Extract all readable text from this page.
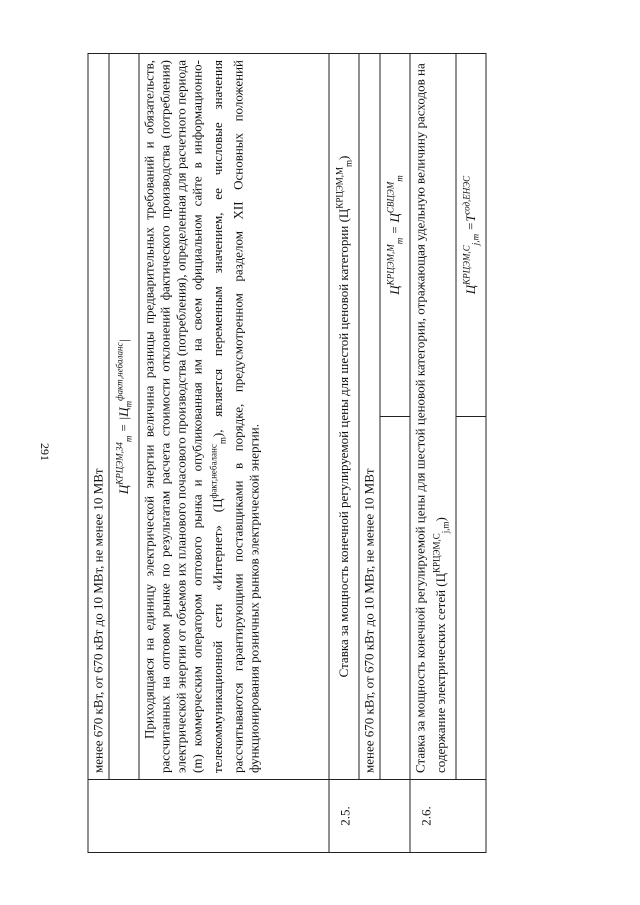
291
	менее 670 кВт, от 670 кВт до 10 МВт, не менее 10 МВт	
	$Ц^{КРЦЭМ,34}_m = |Ц_m^{факт,небаланс}|$	
	Приходящаяся на единицу электрической энергии величина разницы предварительных требований и обязательств, рассчитанных на оптовом рынке по результатам расчета стоимости отклонений фактического производства (потребления) электрической энергии от объемов их планового почасового производства (потребления), определенная для расчетного периода (m) коммерческим оператором оптового рынка и опубликованная им на своем официальном сайте в информационно-телекоммуникационной сети «Интернет» $(Ц^{факт,небаланс}_m)$, является переменным значением, ее числовые значения рассчитываются гарантирующими поставщиками в порядке, предусмотренном разделом XII Основных положений функционирования розничных рынков электрической энергии.	
2.5.	Ставка за мощность конечной регулируемой цены для шестой ценовой категории $(Ц^{КРЦЭМ,М}_m)$	
	менее 670 кВт, от 670 кВт до 10 МВт, не менее 10 МВт	
		$Ц^{КРЦЭМ,М}_m = Ц^{СВЦЭМ}_m$
2.6.	Ставка за мощность конечной регулируемой цены для шестой ценовой категории, отражающая удельную величину расходов на содержание электрических сетей $(Ц^{КРЦЭМ,С}_{j,m})$	
		$Ц^{КРЦЭМ,С}_{j,m} =Т^{сод,ЕНЭС}$
